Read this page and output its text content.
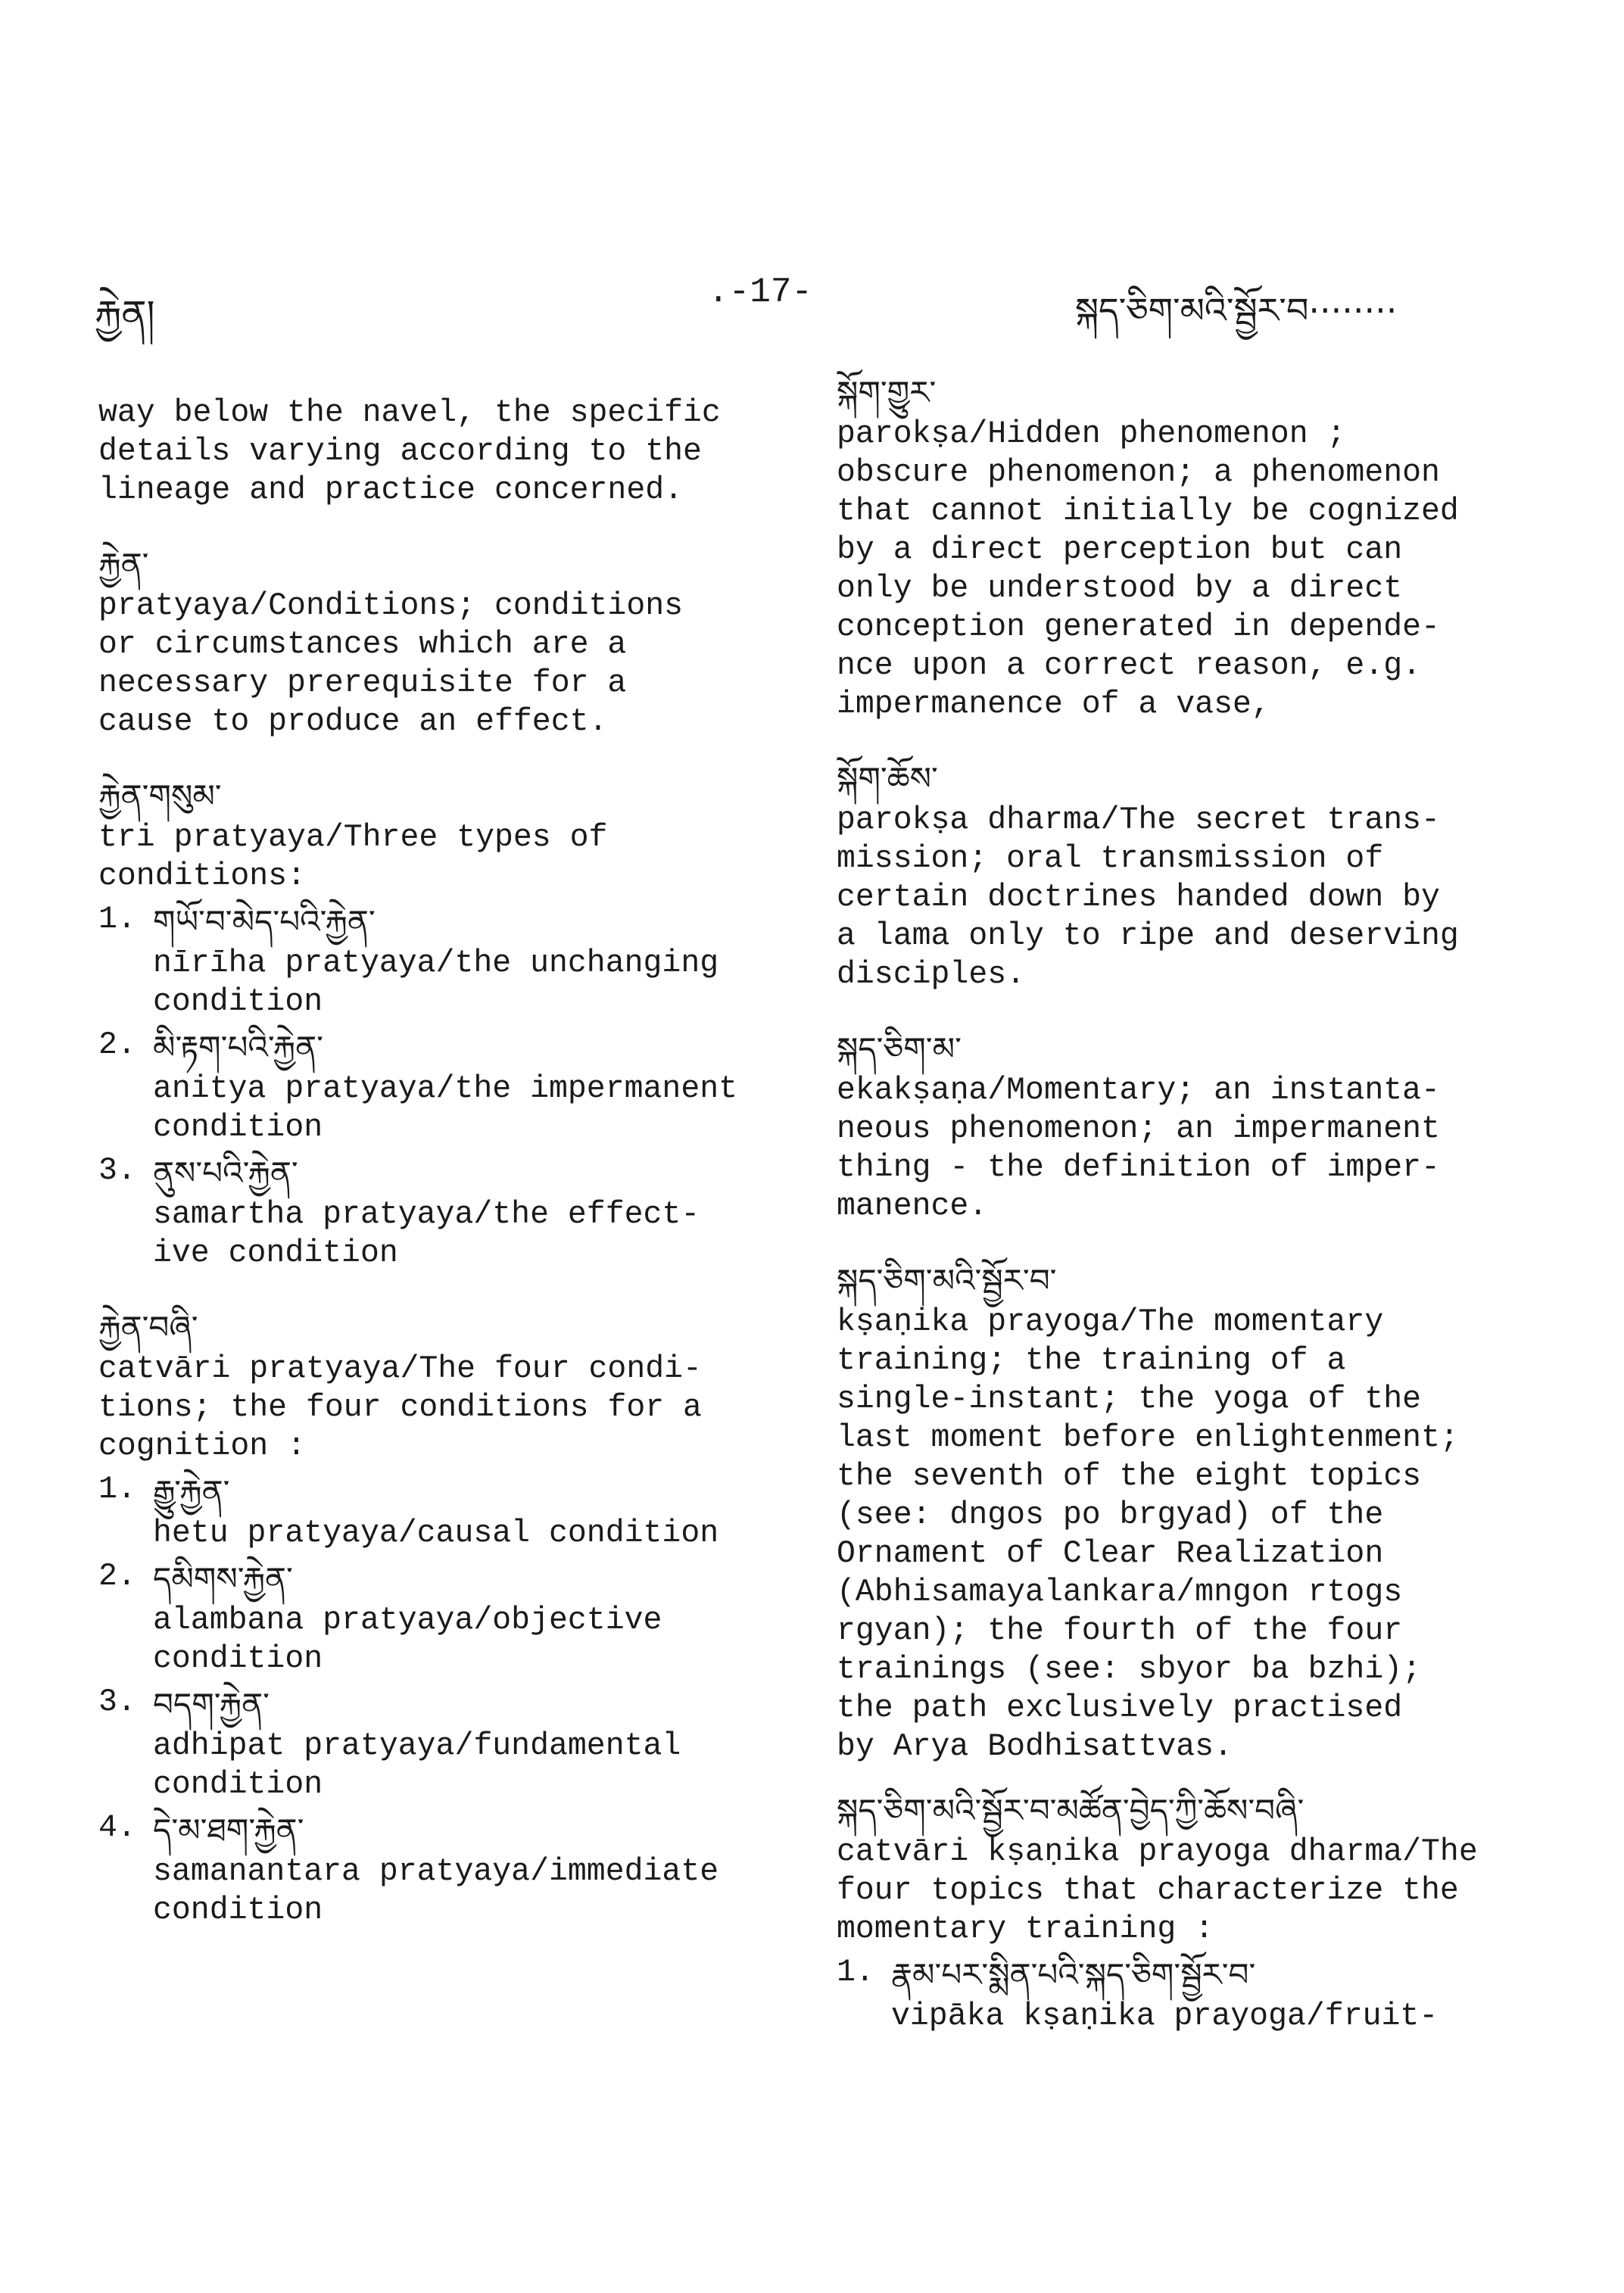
རྐྱེན།	.-17-	སྐད་ཅིག་མའི་སྦྱོར་བ········
way below the navel, the specific
details varying according to the
lineage and practice concerned.
རྐྱེན་
pratyaya/Conditions; conditions
or circumstances which are a
necessary prerequisite for a
cause to produce an effect.
རྐྱེན་གསུམ་
tri pratyaya/Three types of
conditions:
1. གཡོ་བ་མེད་པའི་རྐྱེན་
nīrīha pratyaya/the unchanging
condition
2. མི་རྟག་པའི་རྐྱེན་
anitya pratyaya/the impermanent
condition
3. ནུས་པའི་རྐྱེན་
samartha pratyaya/the effect-
ive condition
རྐྱེན་བཞི་
catvāri pratyaya/The four condi-
tions; the four conditions for a
cognition :
1. རྒྱུ་རྐྱེན་
hetu pratyaya/causal condition
2. དམིགས་རྐྱེན་
alambana pratyaya/objective
condition
3. བདག་རྐྱེན་
adhipat pratyaya/fundamental
condition
4. དེ་མ་ཐག་རྐྱེན་
samanantara pratyaya/immediate
condition
སྐོག་གྱུར་
parokṣa/Hidden phenomenon ;
obscure phenomenon; a phenomenon
that cannot initially be cognized
by a direct perception but can
only be understood by a direct
conception generated in depende-
nce upon a correct reason, e.g.
impermanence of a vase,
སྐོག་ཆོས་
parokṣa dharma/The secret trans-
mission; oral transmission of
certain doctrines handed down by
a lama only to ripe and deserving
disciples.
སྐད་ཅིག་མ་
ekakṣaṇa/Momentary; an instanta-
neous phenomenon; an impermanent
thing - the definition of imper-
manence.
སྐད་ཅིག་མའི་སྦྱོར་བ་
kṣaṇika prayoga/The momentary
training; the training of a
single-instant; the yoga of the
last moment before enlightenment;
the seventh of the eight topics
(see: dngos po brgyad) of the
Ornament of Clear Realization
(Abhisamayalankara/mngon rtogs
rgyan); the fourth of the four
trainings (see: sbyor ba bzhi);
the path exclusively practised
by Arya Bodhisattvas.
སྐད་ཅིག་མའི་སྦྱོར་བ་མཚོན་བྱེད་ཀྱི་ཆོས་བཞི་
catvāri kṣaṇika prayoga dharma/The
four topics that characterize the
momentary training :
1. རྣམ་པར་སྨིན་པའི་སྐད་ཅིག་སྦྱོར་བ་
vipāka kṣaṇika prayoga/fruit-
